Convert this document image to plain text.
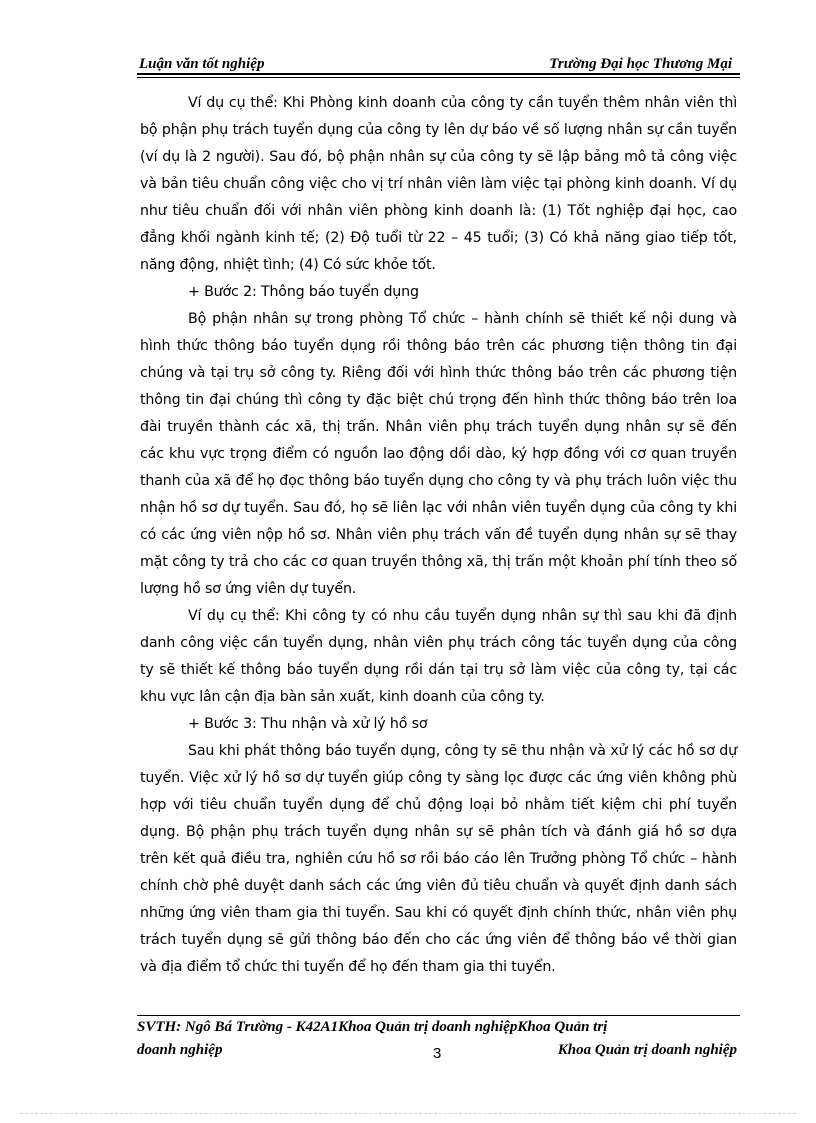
Luận văn tốt nghiệp	Trường Đại học Thương Mại

Ví dụ cụ thể: Khi Phòng kinh doanh của công ty cần tuyển thêm nhân viên thì bộ phận phụ trách tuyển dụng của công ty lên dự báo về số lượng nhân sự cần tuyển (ví dụ là 2 người). Sau đó, bộ phận nhân sự của công ty sẽ lập bảng mô tả công việc và bản tiêu chuẩn công việc cho vị trí nhân viên làm việc tại phòng kinh doanh. Ví dụ như tiêu chuẩn đối với nhân viên phòng kinh doanh là: (1) Tốt nghiệp đại học, cao đẳng khối ngành kinh tế; (2) Độ tuổi từ 22 – 45 tuổi; (3) Có khả năng giao tiếp tốt, năng động, nhiệt tình; (4) Có sức khỏe tốt.

+ Bước 2: Thông báo tuyển dụng

Bộ phận nhân sự trong phòng Tổ chức – hành chính sẽ thiết kế nội dung và hình thức thông báo tuyển dụng rồi thông báo trên các phương tiện thông tin đại chúng và tại trụ sở công ty. Riêng đối với hình thức thông báo trên các phương tiện thông tin đại chúng thì công ty đặc biệt chú trọng đến hình thức thông báo trên loa đài truyền thành các xã, thị trấn. Nhân viên phụ trách tuyển dụng nhân sự sẽ đến các khu vực trọng điểm có nguồn lao động dồi dào, ký hợp đồng với cơ quan truyền thanh của xã để họ đọc thông báo tuyển dụng cho công ty và phụ trách luôn việc thu nhận hồ sơ dự tuyển. Sau đó, họ sẽ liên lạc với nhân viên tuyển dụng của công ty khi có các ứng viên nộp hồ sơ. Nhân viên phụ trách vấn đề tuyển dụng nhân sự sẽ thay mặt công ty trả cho các cơ quan truyền thông xã, thị trấn một khoản phí tính theo số lượng hồ sơ ứng viên dự tuyển.

Ví dụ cụ thể: Khi công ty có nhu cầu tuyển dụng nhân sự thì sau khi đã định danh công việc cần tuyển dụng, nhân viên phụ trách công tác tuyển dụng của công ty sẽ thiết kế thông báo tuyển dụng rồi dán tại trụ sở làm việc của công ty, tại các khu vực lân cận địa bàn sản xuất, kinh doanh của công ty.

+ Bước 3: Thu nhận và xử lý hồ sơ

Sau khi phát thông báo tuyển dụng, công ty sẽ thu nhận và xử lý các hồ sơ dự tuyển. Việc xử lý hồ sơ dự tuyển giúp công ty sàng lọc được các ứng viên không phù hợp với tiêu chuẩn tuyển dụng để chủ động loại bỏ nhằm tiết kiệm chi phí tuyển dụng. Bộ phận phụ trách tuyển dụng nhân sự sẽ phân tích và đánh giá hồ sơ dựa trên kết quả điều tra, nghiên cứu hồ sơ rồi báo cáo lên Trưởng phòng Tổ chức – hành chính chờ phê duyệt danh sách các ứng viên đủ tiêu chuẩn và quyết định danh sách những ứng viên tham gia thi tuyển. Sau khi có quyết định chính thức, nhân viên phụ trách tuyển dụng sẽ gửi thông báo đến cho các ứng viên để thông báo về thời gian và địa điểm tổ chức thi tuyển để họ đến tham gia thi tuyển.

SVTH: Ngô Bá Trường - K42A1Khoa Quản trị doanh nghiệpKhoa Quản trị
doanh nghiệp	3	Khoa Quản trị doanh nghiệp
